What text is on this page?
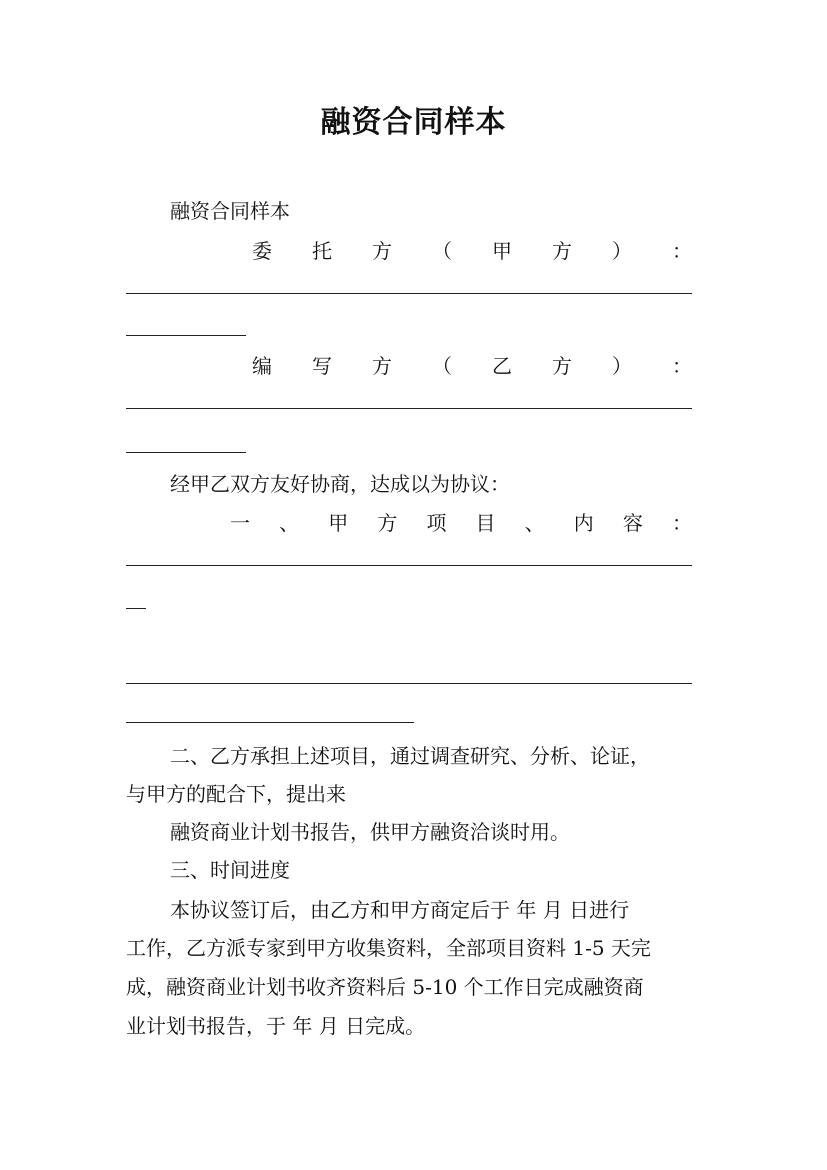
融资合同样本
融资合同样本
委 托 方 （ 甲 方 ） ：
编 写 方 （ 乙 方 ） ：
经甲乙双方友好协商，达成以为协议：
一 、 甲 方 项 目 、 内 容 ：
二、乙方承担上述项目，通过调查研究、分析、论证，
与甲方的配合下，提出来
融资商业计划书报告，供甲方融资洽谈时用。
三、时间进度
本协议签订后，由乙方和甲方商定后于 年 月 日进行
工作，乙方派专家到甲方收集资料，全部项目资料 1-5 天完
成，融资商业计划书收齐资料后 5-10 个工作日完成融资商
业计划书报告，于 年 月 日完成。
